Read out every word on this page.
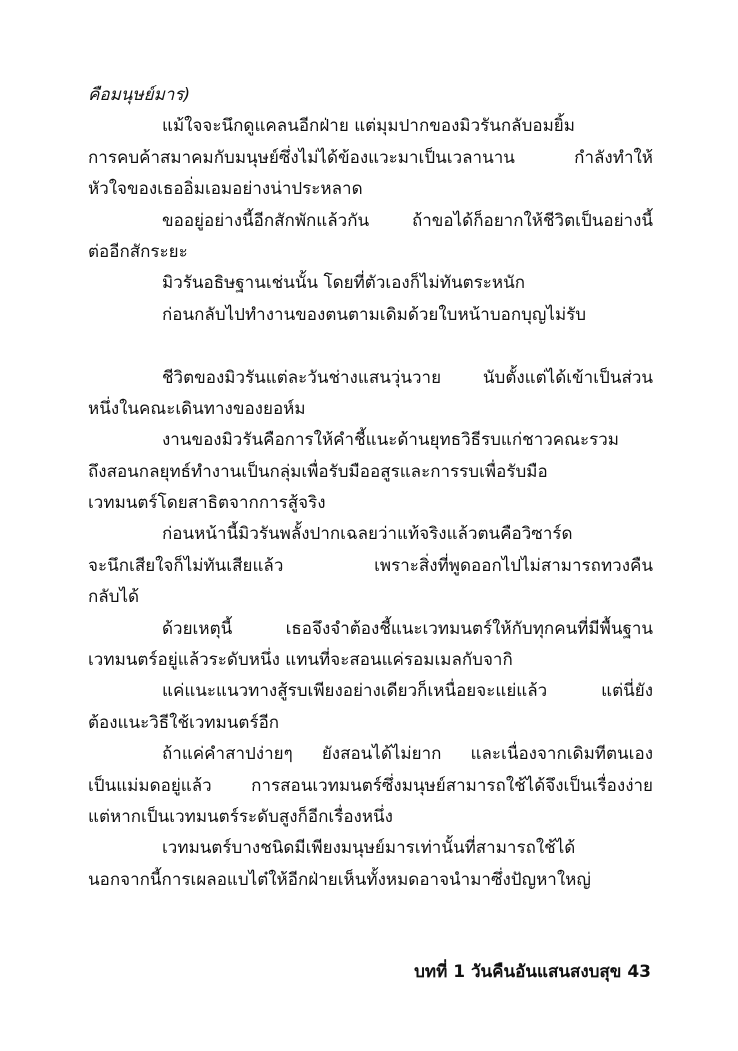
คือมนุษย์มาร)
แม้ใจจะนึกดูแคลนอีกฝ่าย แต่มุมปากของมิวรันกลับอมยิ้ม
การคบค้าสมาคมกับมนุษย์ซึ่งไม่ได้ข้องแวะมาเป็นเวลานาน กำลังทำให้
หัวใจของเธออิ่มเอมอย่างน่าประหลาด
ขออยู่อย่างนี้อีกสักพักแล้วกัน ถ้าขอได้ก็อยากให้ชีวิตเป็นอย่างนี้
ต่ออีกสักระยะ
มิวรันอธิษฐานเช่นนั้น โดยที่ตัวเองก็ไม่ทันตระหนัก
ก่อนกลับไปทำงานของตนตามเดิมด้วยใบหน้าบอกบุญไม่รับ
ชีวิตของมิวรันแต่ละวันช่างแสนวุ่นวาย นับตั้งแต่ได้เข้าเป็นส่วน
หนึ่งในคณะเดินทางของยอห์ม
งานของมิวรันคือการให้คำชี้แนะด้านยุทธวิธีรบแก่ชาวคณะรวม
ถึงสอนกลยุทธ์ทำงานเป็นกลุ่มเพื่อรับมืออสูรและการรบเพื่อรับมือ
เวทมนตร์โดยสาธิตจากการสู้จริง
ก่อนหน้านี้มิวรันพลั้งปากเฉลยว่าแท้จริงแล้วตนคือวิซาร์ด
จะนึกเสียใจก็ไม่ทันเสียแล้ว เพราะสิ่งที่พูดออกไปไม่สามารถทวงคืน
กลับได้
ด้วยเหตุนี้ เธอจึงจำต้องชี้แนะเวทมนตร์ให้กับทุกคนที่มีพื้นฐาน
เวทมนตร์อยู่แล้วระดับหนึ่ง แทนที่จะสอนแค่รอมเมลกับจากิ
แค่แนะแนวทางสู้รบเพียงอย่างเดียวก็เหนื่อยจะแย่แล้ว แต่นี่ยัง
ต้องแนะวิธีใช้เวทมนตร์อีก
ถ้าแค่คำสาปง่ายๆ ยังสอนได้ไม่ยาก และเนื่องจากเดิมทีตนเอง
เป็นแม่มดอยู่แล้ว การสอนเวทมนตร์ซึ่งมนุษย์สามารถใช้ได้จึงเป็นเรื่องง่าย
แต่หากเป็นเวทมนตร์ระดับสูงก็อีกเรื่องหนึ่ง
เวทมนตร์บางชนิดมีเพียงมนุษย์มารเท่านั้นที่สามารถใช้ได้
นอกจากนี้การเผลอแบไต๋ให้อีกฝ่ายเห็นทั้งหมดอาจนำมาซึ่งปัญหาใหญ่
บทที่ 1 วันคืนอันแสนสงบสุข 43
